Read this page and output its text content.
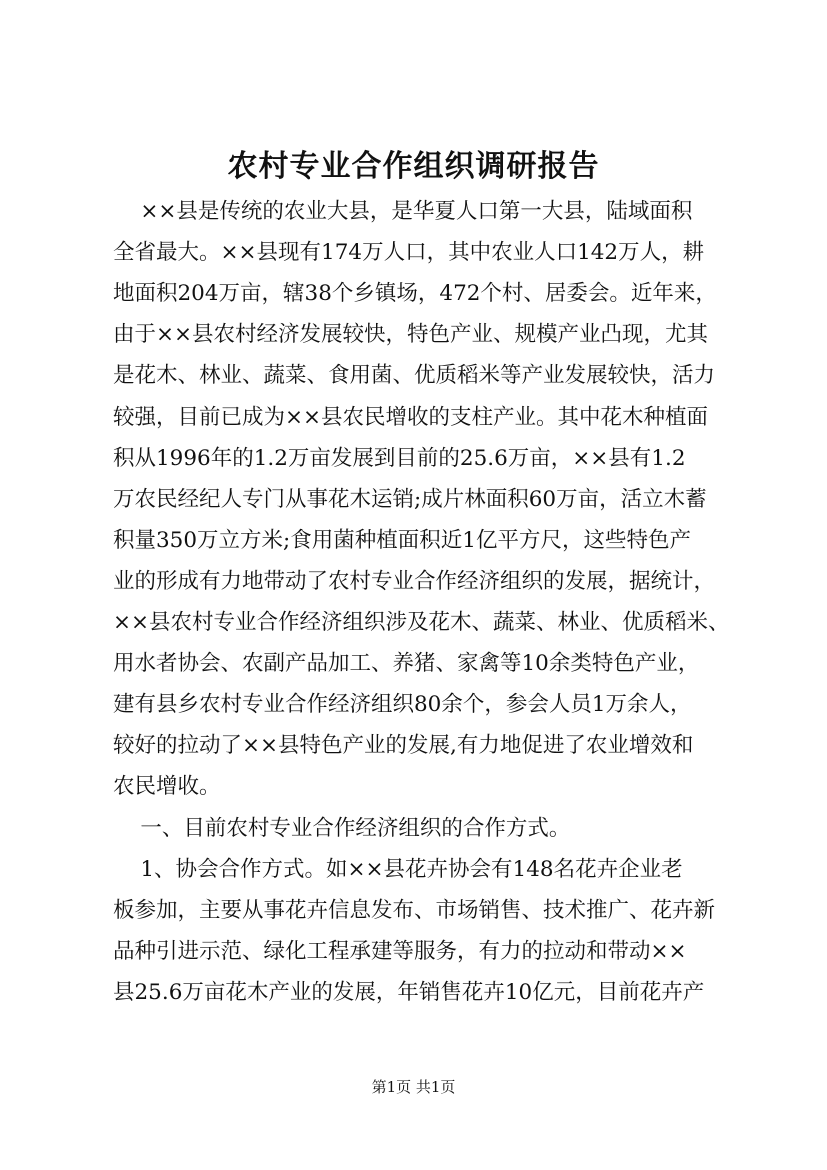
农村专业合作组织调研报告

××县是传统的农业大县，是华夏人口第一大县，陆域面积

全省最大。××县现有174万人口，其中农业人口142万人，耕

地面积204万亩，辖38个乡镇场，472个村、居委会。近年来，

由于××县农村经济发展较快，特色产业、规模产业凸现，尤其

是花木、林业、蔬菜、食用菌、优质稻米等产业发展较快，活力

较强，目前已成为××县农民增收的支柱产业。其中花木种植面

积从1996年的1.2万亩发展到目前的25.6万亩，××县有1.2

万农民经纪人专门从事花木运销;成片林面积60万亩，活立木蓄

积量350万立方米;食用菌种植面积近1亿平方尺，这些特色产

业的形成有力地带动了农村专业合作经济组织的发展，据统计，

××县农村专业合作经济组织涉及花木、蔬菜、林业、优质稻米、

用水者协会、农副产品加工、养猪、家禽等10余类特色产业，

建有县乡农村专业合作经济组织80余个，参会人员1万余人，

较好的拉动了××县特色产业的发展,有力地促进了农业增效和

农民增收。

一、目前农村专业合作经济组织的合作方式。

1、协会合作方式。如××县花卉协会有148名花卉企业老

板参加，主要从事花卉信息发布、市场销售、技术推广、花卉新

品种引进示范、绿化工程承建等服务，有力的拉动和带动××

县25.6万亩花木产业的发展，年销售花卉10亿元，目前花卉产

第1页 共1页
